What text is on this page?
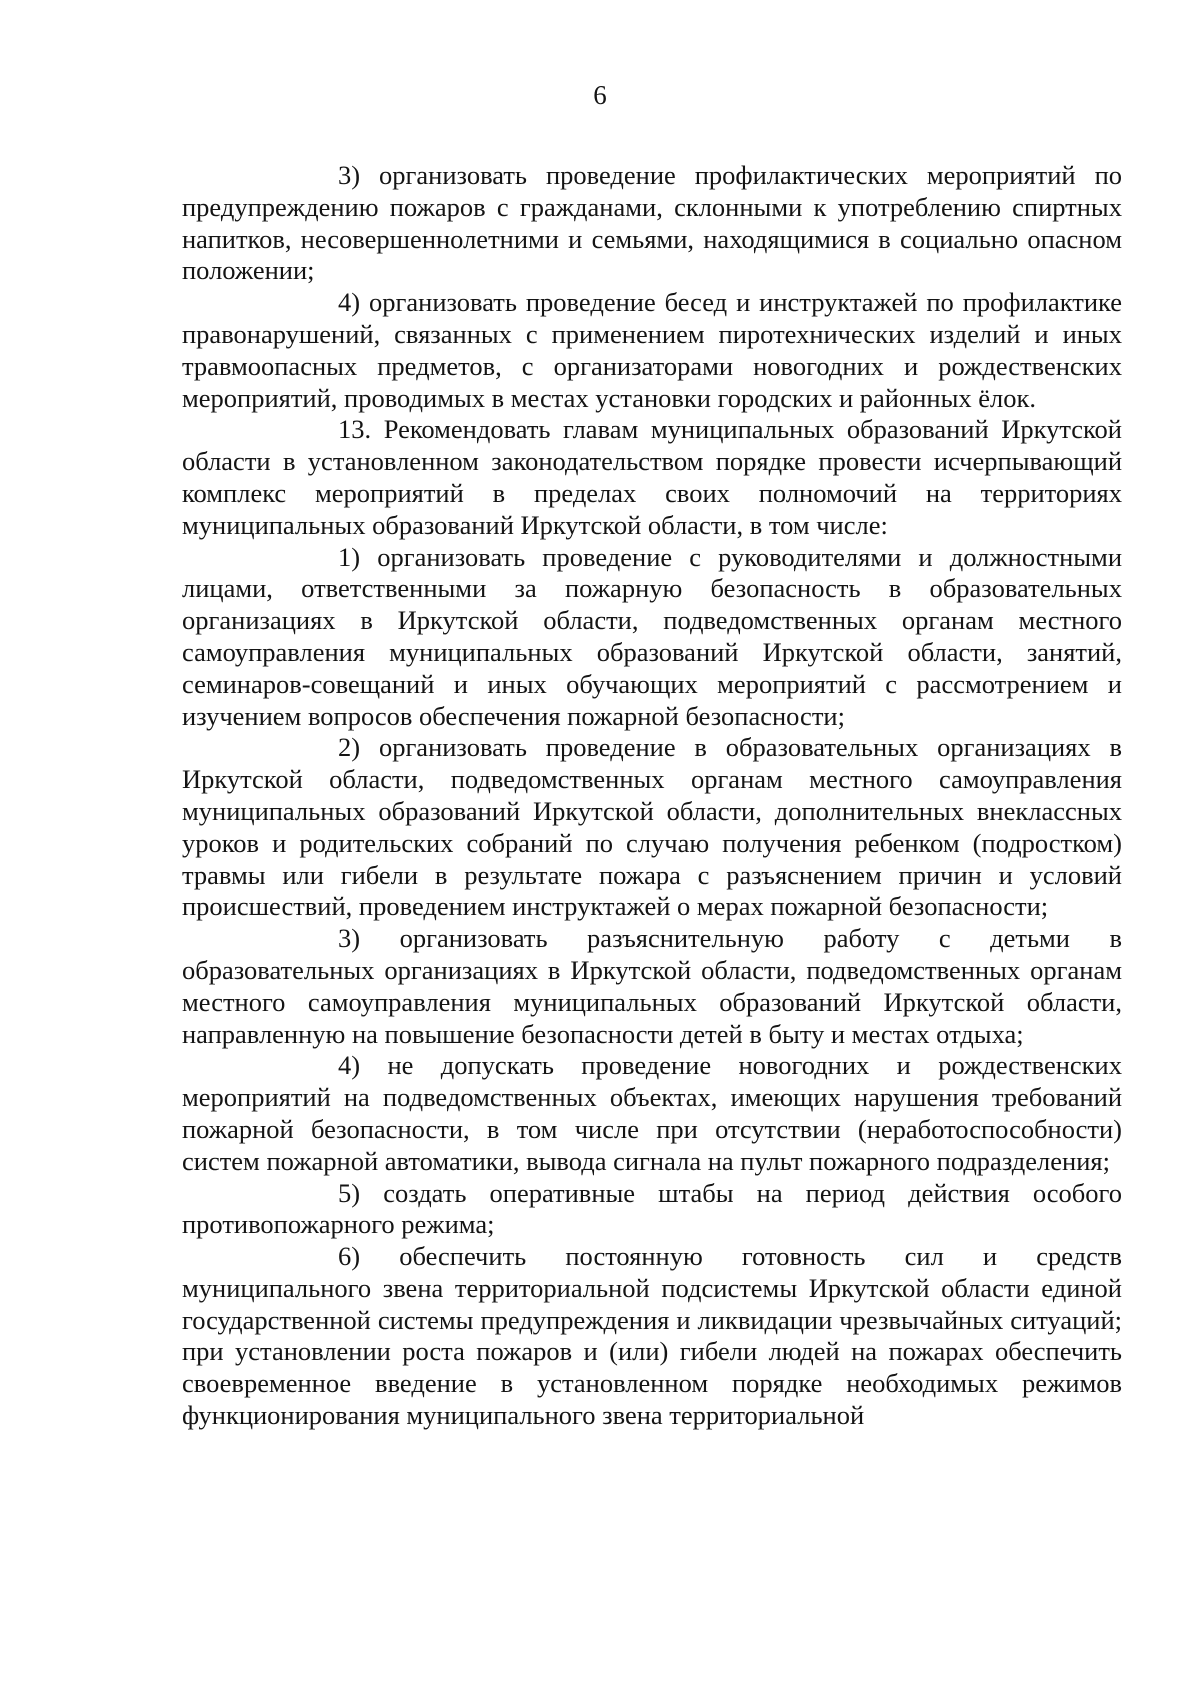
6

3) организовать проведение профилактических мероприятий по предупреждению пожаров с гражданами, склонными к употреблению спиртных напитков, несовершеннолетними и семьями, находящимися в социально опасном положении;

4) организовать проведение бесед и инструктажей по профилактике правонарушений, связанных с применением пиротехнических изделий и иных травмоопасных предметов, с организаторами новогодних и рождественских мероприятий, проводимых в местах установки городских и районных ёлок.

13. Рекомендовать главам муниципальных образований Иркутской области в установленном законодательством порядке провести исчерпывающий комплекс мероприятий в пределах своих полномочий на территориях муниципальных образований Иркутской области, в том числе:

1) организовать проведение с руководителями и должностными лицами, ответственными за пожарную безопасность в образовательных организациях в Иркутской области, подведомственных органам местного самоуправления муниципальных образований Иркутской области, занятий, семинаров-совещаний и иных обучающих мероприятий с рассмотрением и изучением вопросов обеспечения пожарной безопасности;

2) организовать проведение в образовательных организациях в Иркутской области, подведомственных органам местного самоуправления муниципальных образований Иркутской области, дополнительных внеклассных уроков и родительских собраний по случаю получения ребенком (подростком) травмы или гибели в результате пожара с разъяснением причин и условий происшествий, проведением инструктажей о мерах пожарной безопасности;

3) организовать разъяснительную работу с детьми в образовательных организациях в Иркутской области, подведомственных органам местного самоуправления муниципальных образований Иркутской области, направленную на повышение безопасности детей в быту и местах отдыха;

4) не допускать проведение новогодних и рождественских мероприятий на подведомственных объектах, имеющих нарушения требований пожарной безопасности, в том числе при отсутствии (неработоспособности) систем пожарной автоматики, вывода сигнала на пульт пожарного подразделения;

5) создать оперативные штабы на период действия особого противопожарного режима;

6) обеспечить постоянную готовность сил и средств муниципального звена территориальной подсистемы Иркутской области единой государственной системы предупреждения и ликвидации чрезвычайных ситуаций; при установлении роста пожаров и (или) гибели людей на пожарах обеспечить своевременное введение в установленном порядке необходимых режимов функционирования муниципального звена территориальной
